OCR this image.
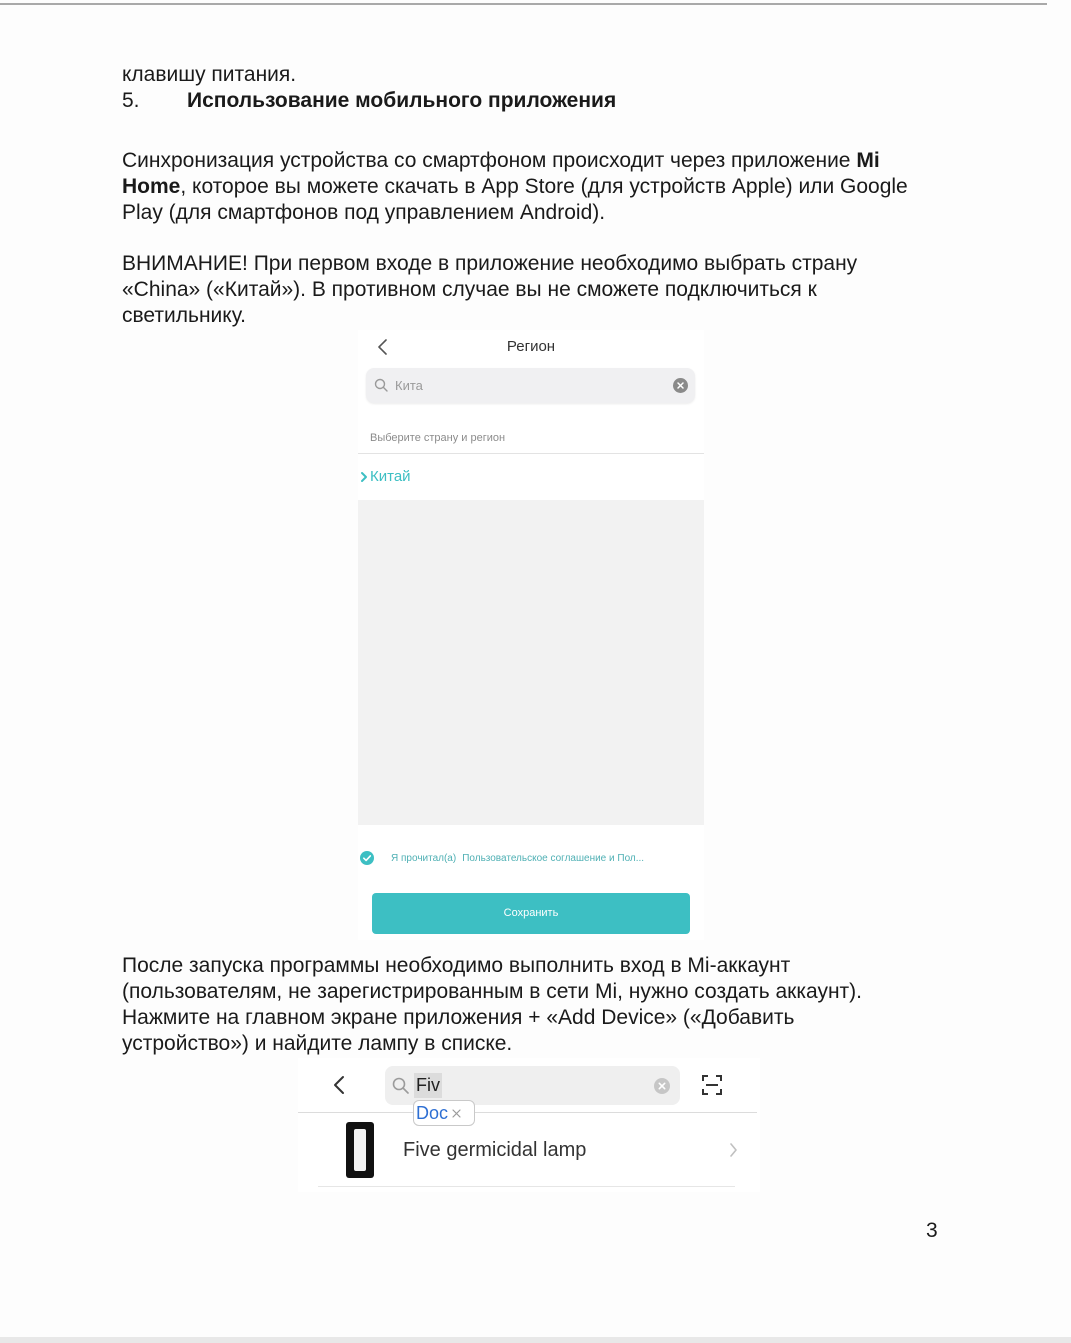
клавишу питания.
5. Использование мобильного приложения
Синхронизация устройства со смартфоном происходит через приложение Mi
Home, которое вы можете скачать в App Store (для устройств Apple) или Google
Play (для смартфонов под управлением Android).
ВНИМАНИЕ! При первом входе в приложение необходимо выбрать страну
«China» («Китай»). В противном случае вы не сможете подключиться к
светильнику.
Регион
Кита
Выберите страну и регион
Китай
Я прочитал(а) Пользовательское соглашение и Пол...
Сохранить
После запуска программы необходимо выполнить вход в Mi-аккаунт
(пользователям, не зарегистрированным в сети Mi, нужно создать аккаунт).
Нажмите на главном экране приложения + «Add Device» («Добавить
устройство») и найдите лампу в списке.
Fiv
Doc
Five germicidal lamp
3
